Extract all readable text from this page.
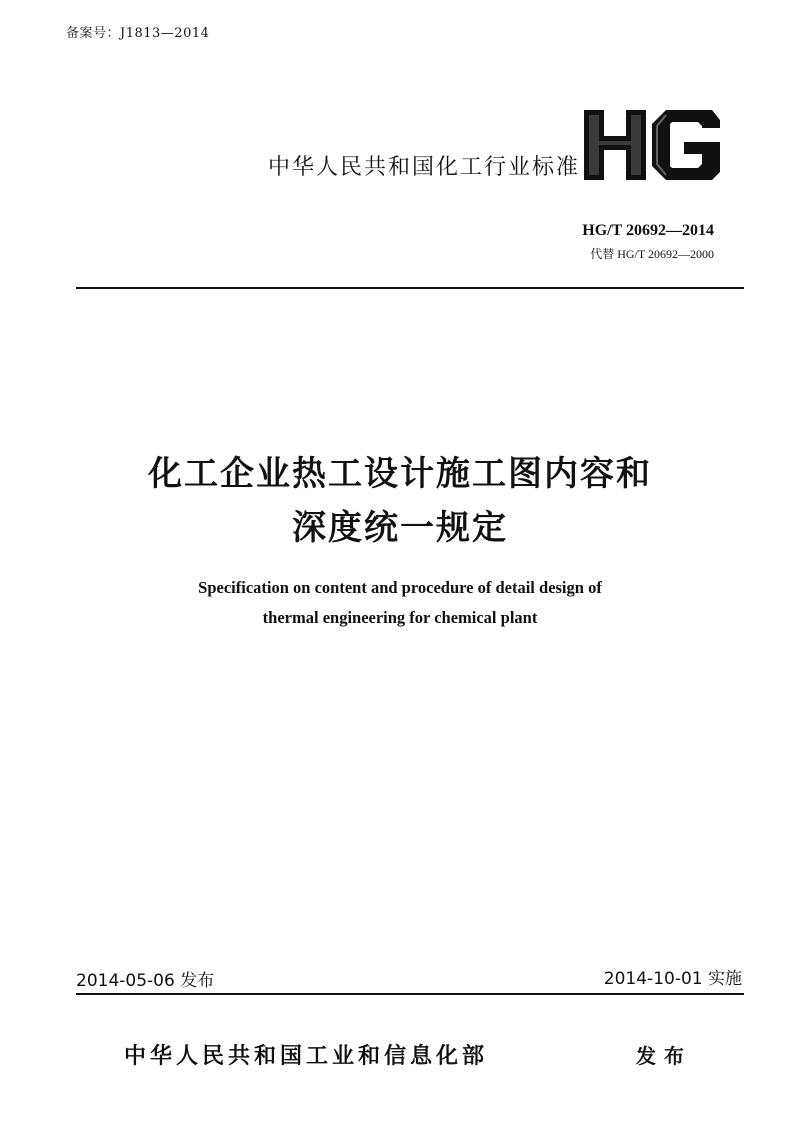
备案号：J1813—2014
中华人民共和国化工行业标准
HG/T 20692—2014
代替 HG/T 20692—2000
化工企业热工设计施工图内容和
深度统一规定
Specification on content and procedure of detail design of
thermal engineering for chemical plant
2014-05-06 发布	2014-10-01 实施
中华人民共和国工业和信息化部	发布
